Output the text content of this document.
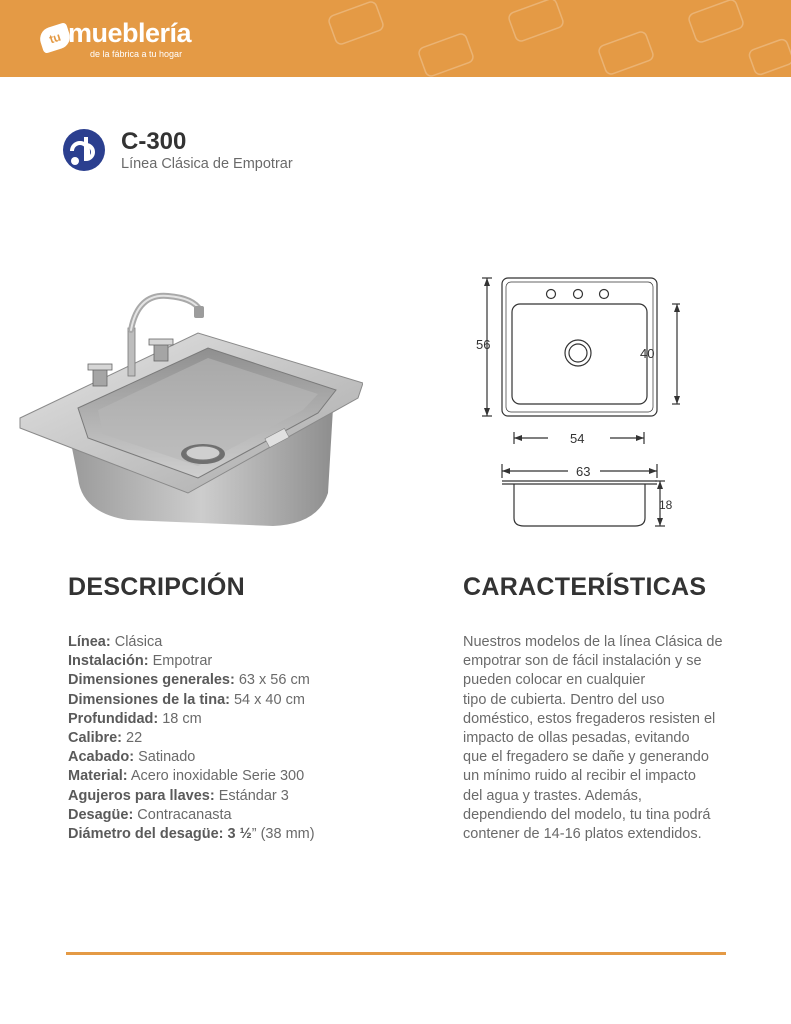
tu mueblería
de la fábrica a tu hogar
C-300
Línea Clásica de Empotrar
56
40
54
63
18
DESCRIPCIÓN
Línea: Clásica
Instalación: Empotrar
Dimensiones generales: 63 x 56 cm
Dimensiones de la tina: 54 x 40 cm
Profundidad: 18 cm
Calibre: 22
Acabado: Satinado
Material: Acero inoxidable Serie 300
Agujeros para llaves: Estándar 3
Desagüe: Contracanasta
Diámetro del desagüe: 3 ½” (38 mm)
CARACTERÍSTICAS
Nuestros modelos de la línea Clásica de
empotrar son de fácil instalación y se
pueden colocar en cualquier
tipo de cubierta. Dentro del uso
doméstico, estos fregaderos resisten el
impacto de ollas pesadas, evitando
que el fregadero se dañe y generando
un mínimo ruido al recibir el impacto
del agua y trastes. Además,
dependiendo del modelo, tu tina podrá
contener de 14-16 platos extendidos.
